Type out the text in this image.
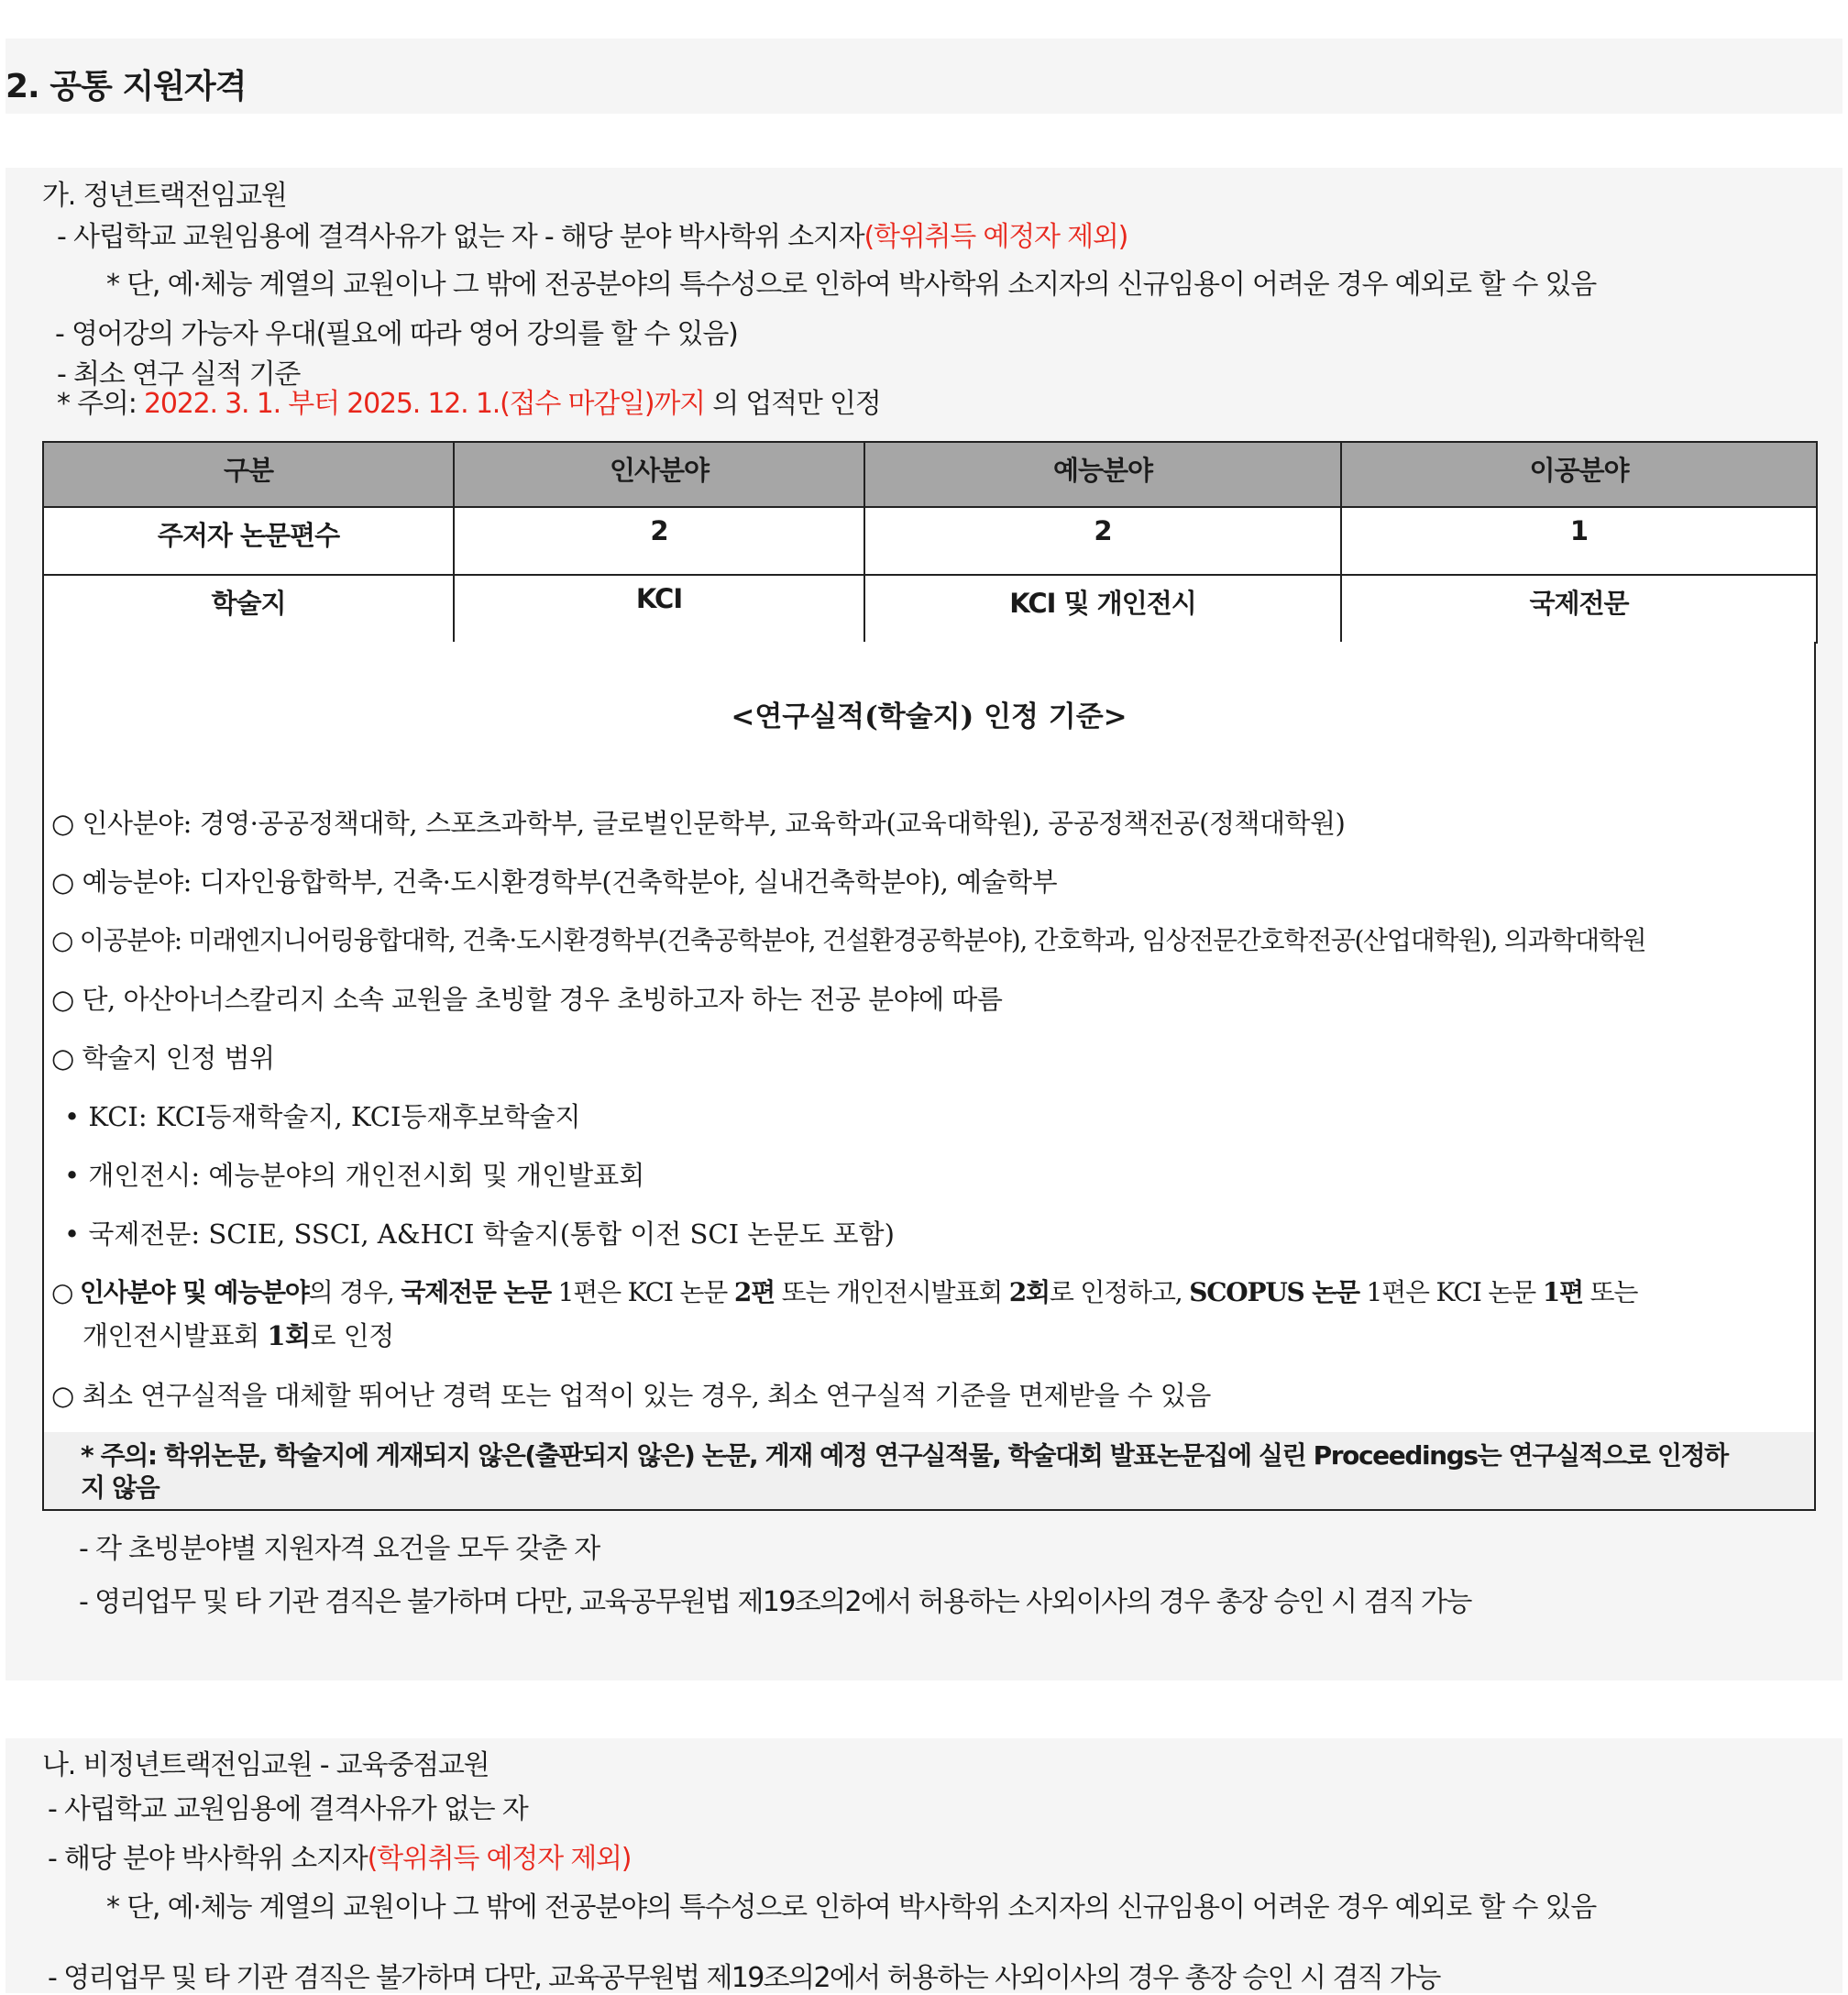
2. 공통 지원자격
가. 정년트랙전임교원
- 사립학교 교원임용에 결격사유가 없는 자 - 해당 분야 박사학위 소지자(학위취득 예정자 제외)
* 단, 예·체능 계열의 교원이나 그 밖에 전공분야의 특수성으로 인하여 박사학위 소지자의 신규임용이 어려운 경우 예외로 할 수 있음
- 영어강의 가능자 우대(필요에 따라 영어 강의를 할 수 있음)
- 최소 연구 실적 기준
* 주의: 2022. 3. 1. 부터 2025. 12. 1.(접수 마감일)까지 의 업적만 인정
구분	인사분야	예능분야	이공분야
주저자 논문편수	2	2	1
학술지	KCI	KCI 및 개인전시	국제전문
<연구실적(학술지) 인정 기준>
○ 인사분야: 경영·공공정책대학, 스포츠과학부, 글로벌인문학부, 교육학과(교육대학원), 공공정책전공(정책대학원)
○ 예능분야: 디자인융합학부, 건축·도시환경학부(건축학분야, 실내건축학분야), 예술학부
○ 이공분야: 미래엔지니어링융합대학, 건축·도시환경학부(건축공학분야, 건설환경공학분야), 간호학과, 임상전문간호학전공(산업대학원), 의과학대학원
○ 단, 아산아너스칼리지 소속 교원을 초빙할 경우 초빙하고자 하는 전공 분야에 따름
○ 학술지 인정 범위
• KCI: KCI등재학술지, KCI등재후보학술지
• 개인전시: 예능분야의 개인전시회 및 개인발표회
• 국제전문: SCIE, SSCI, A&HCI 학술지(통합 이전 SCI 논문도 포함)
○ 인사분야 및 예능분야의 경우, 국제전문 논문 1편은 KCI 논문 2편 또는 개인전시발표회 2회로 인정하고, SCOPUS 논문 1편은 KCI 논문 1편 또는
개인전시발표회 1회로 인정
○ 최소 연구실적을 대체할 뛰어난 경력 또는 업적이 있는 경우, 최소 연구실적 기준을 면제받을 수 있음
* 주의: 학위논문, 학술지에 게재되지 않은(출판되지 않은) 논문, 게재 예정 연구실적물, 학술대회 발표논문집에 실린 Proceedings는 연구실적으로 인정하
지 않음
- 각 초빙분야별 지원자격 요건을 모두 갖춘 자
- 영리업무 및 타 기관 겸직은 불가하며 다만, 교육공무원법 제19조의2에서 허용하는 사외이사의 경우 총장 승인 시 겸직 가능
나. 비정년트랙전임교원 - 교육중점교원
- 사립학교 교원임용에 결격사유가 없는 자
- 해당 분야 박사학위 소지자(학위취득 예정자 제외)
* 단, 예·체능 계열의 교원이나 그 밖에 전공분야의 특수성으로 인하여 박사학위 소지자의 신규임용이 어려운 경우 예외로 할 수 있음
- 영리업무 및 타 기관 겸직은 불가하며 다만, 교육공무원법 제19조의2에서 허용하는 사외이사의 경우 총장 승인 시 겸직 가능
